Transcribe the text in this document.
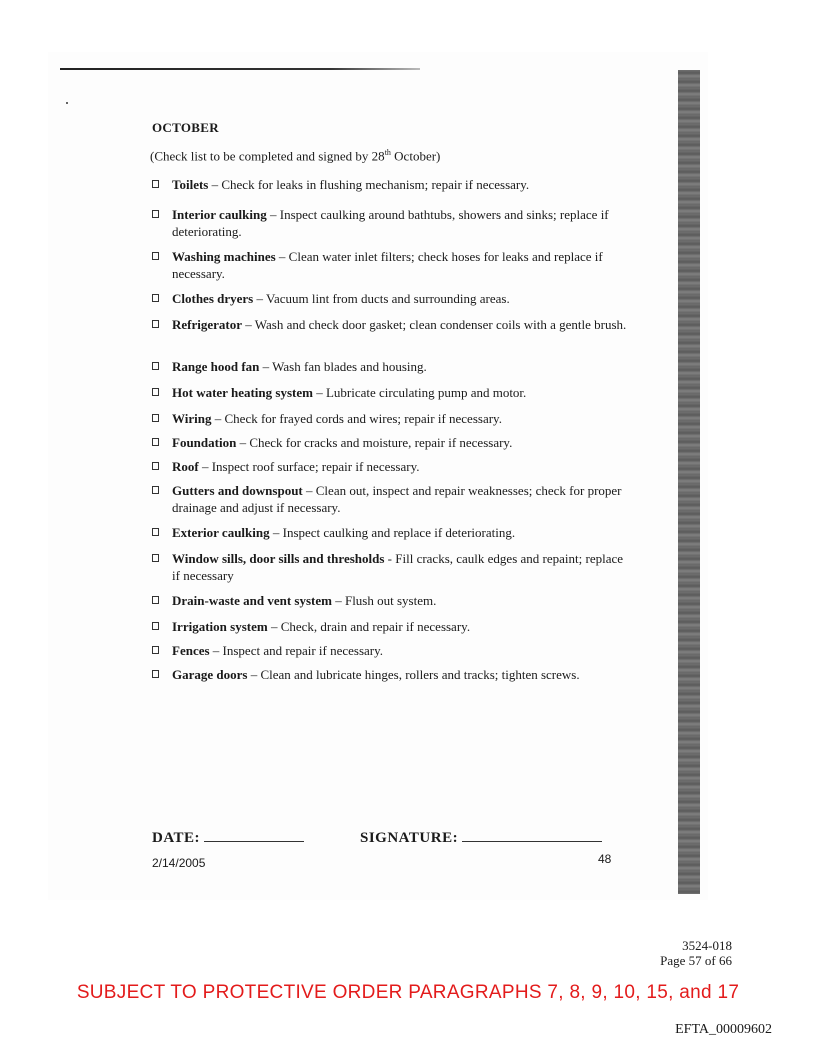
OCTOBER
(Check list to be completed and signed by 28th October)
Toilets – Check for leaks in flushing mechanism; repair if necessary.
Interior caulking – Inspect caulking around bathtubs, showers and sinks; replace if deteriorating.
Washing machines – Clean water inlet filters; check hoses for leaks and replace if necessary.
Clothes dryers – Vacuum lint from ducts and surrounding areas.
Refrigerator – Wash and check door gasket; clean condenser coils with a gentle brush.
Range hood fan – Wash fan blades and housing.
Hot water heating system – Lubricate circulating pump and motor.
Wiring – Check for frayed cords and wires; repair if necessary.
Foundation – Check for cracks and moisture, repair if necessary.
Roof – Inspect roof surface; repair if necessary.
Gutters and downspout – Clean out, inspect and repair weaknesses; check for proper drainage and adjust if necessary.
Exterior caulking – Inspect caulking and replace if deteriorating.
Window sills, door sills and thresholds - Fill cracks, caulk edges and repaint; replace if necessary
Drain-waste and vent system – Flush out system.
Irrigation system – Check, drain and repair if necessary.
Fences – Inspect and repair if necessary.
Garage doors – Clean and lubricate hinges, rollers and tracks; tighten screws.
DATE:	SIGNATURE:
2/14/2005	48
3524-018
Page 57 of 66
SUBJECT TO PROTECTIVE ORDER PARAGRAPHS 7, 8, 9, 10, 15, and 17
EFTA_00009602
